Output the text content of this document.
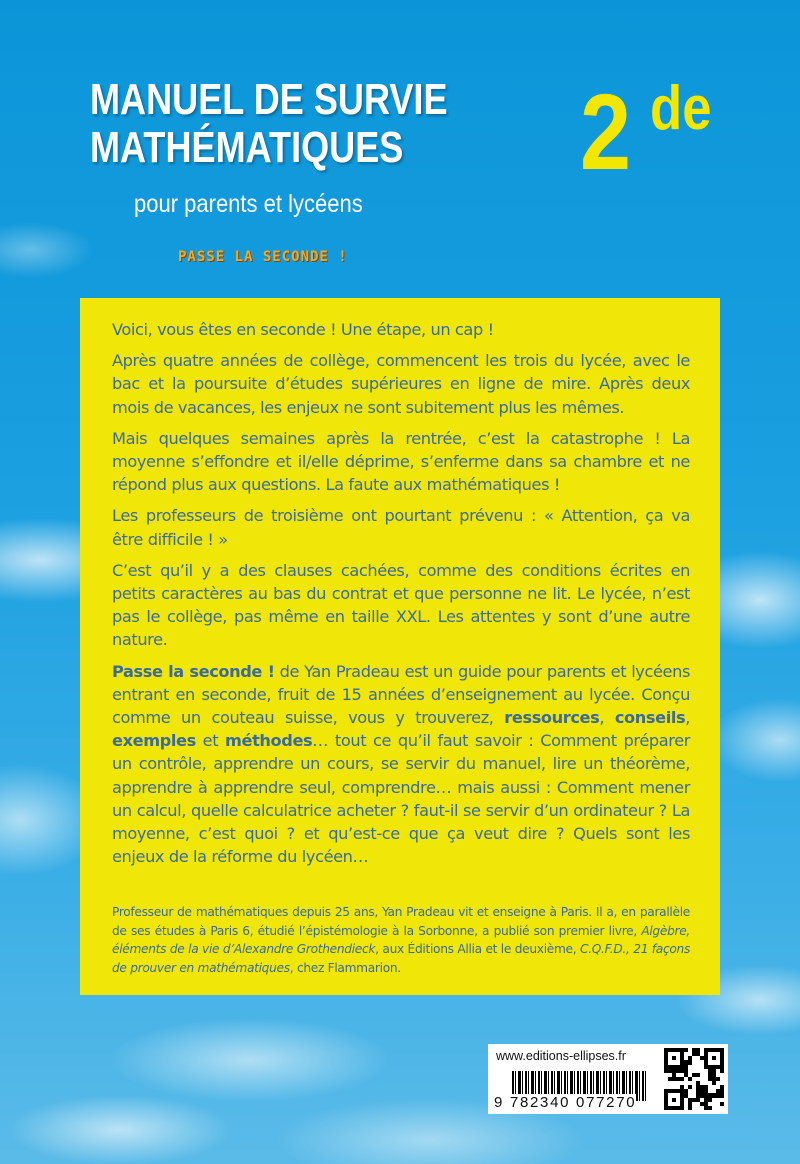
MANUEL DE SURVIE
MATHÉMATIQUES
pour parents et lycéens
PASSE LA SECONDE !
2 de

Voici, vous êtes en seconde ! Une étape, un cap !

Après quatre années de collège, commencent les trois du lycée, avec le bac et la poursuite d’études supérieures en ligne de mire. Après deux mois de vacances, les enjeux ne sont subitement plus les mêmes.

Mais quelques semaines après la rentrée, c’est la catastrophe ! La moyenne s’effondre et il/elle déprime, s’enferme dans sa chambre et ne répond plus aux questions. La faute aux mathématiques !

Les professeurs de troisième ont pourtant prévenu : « Attention, ça va être difficile ! »

C’est qu’il y a des clauses cachées, comme des conditions écrites en petits caractères au bas du contrat et que personne ne lit. Le lycée, n’est pas le collège, pas même en taille XXL. Les attentes y sont d’une autre nature.

Passe la seconde ! de Yan Pradeau est un guide pour parents et lycéens entrant en seconde, fruit de 15 années d’enseignement au lycée. Conçu comme un couteau suisse, vous y trouverez, ressources, conseils, exemples et méthodes… tout ce qu’il faut savoir : Comment préparer un contrôle, apprendre un cours, se servir du manuel, lire un théorème, apprendre à apprendre seul, comprendre… mais aussi : Comment mener un calcul, quelle calculatrice acheter ? faut-il se servir d’un ordinateur ? La moyenne, c’est quoi ? et qu’est-ce que ça veut dire ? Quels sont les enjeux de la réforme du lycéen…

Professeur de mathématiques depuis 25 ans, Yan Pradeau vit et enseigne à Paris. Il a, en parallèle de ses études à Paris 6, étudié l’épistémologie à la Sorbonne, a publié son premier livre, Algèbre, éléments de la vie d’Alexandre Grothendieck, aux Éditions Allia et le deuxième, C.Q.F.D., 21 façons de prouver en mathématiques, chez Flammarion.
www.editions-ellipses.fr
9 782340 077270
